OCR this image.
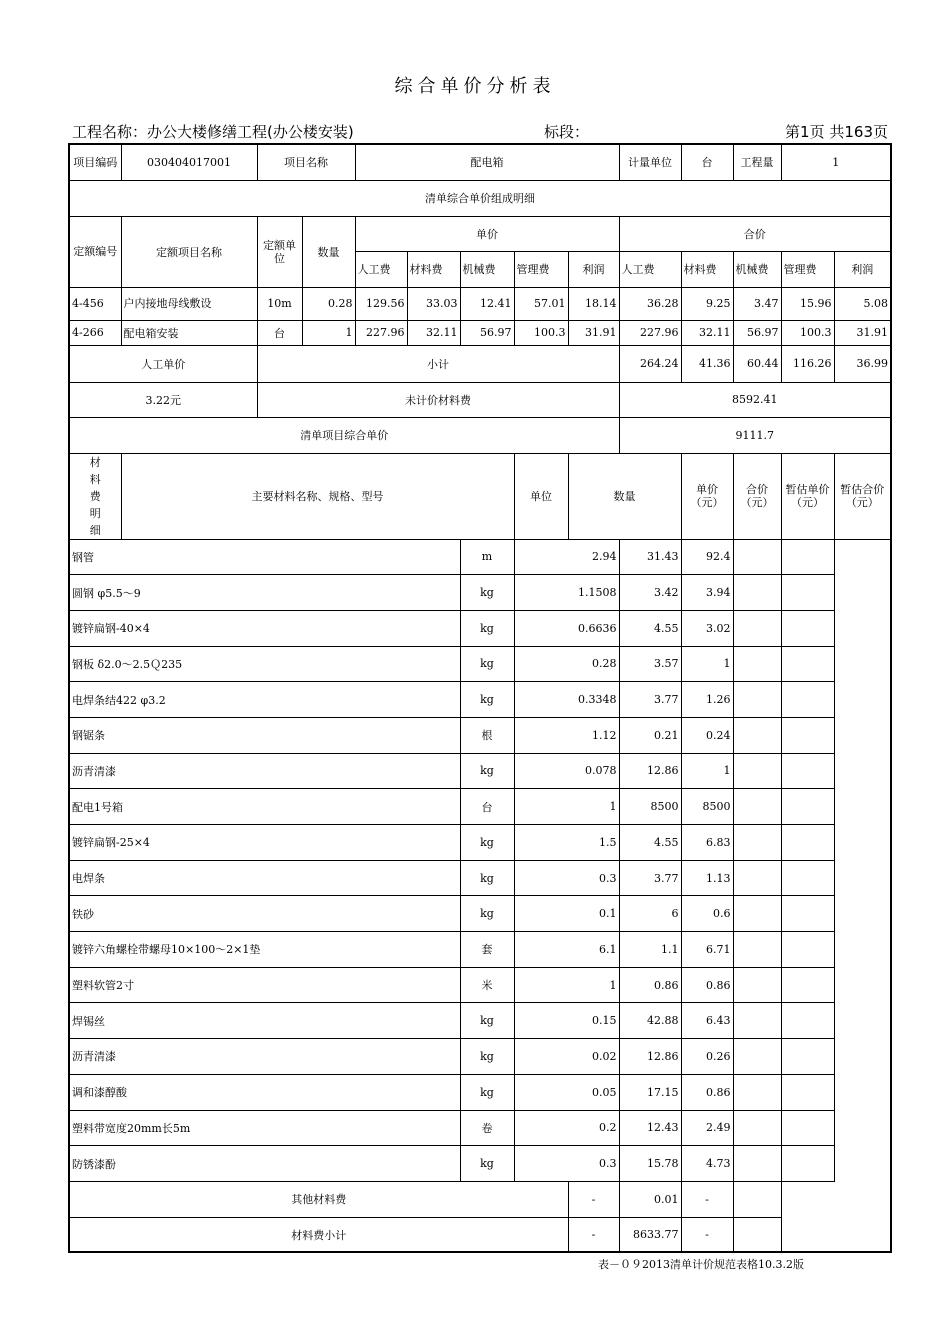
综合单价分析表
工程名称：办公大楼修缮工程(办公楼安装)	标段：	第1页 共163页
项目编码	030404017001	项目名称		配电箱					计量单位	台	工程量	1	
清单综合单价组成明细													
定额编号	定额项目名称	定额单位	数量	单价					合价				
				人工费	材料费	机械费	管理费	利润	人工费	材料费	机械费	管理费	利润
4-456	户内接地母线敷设	10m	0.28	129.56	33.03	12.41	57.01	18.14	36.28	9.25	3.47	15.96	5.08
4-266	配电箱安装	台	1	227.96	32.11	56.97	100.3	31.91	227.96	32.11	56.97	100.3	31.91
人工单价		小计							264.24	41.36	60.44	116.26	36.99
3.22元		未计价材料费							8592.41				
清单项目综合单价									9111.7				
材料费明细	主要材料名称、规格、型号						单位	数量		单价（元）	合价（元）	暂估单价（元）	暂估合价（元）
钢管						m	2.94		31.43	92.4			
圆钢 φ5.5～9						kg	1.1508		3.42	3.94			
镀锌扁钢-40×4						kg	0.6636		4.55	3.02			
钢板 δ2.0～2.5Ｑ235						kg	0.28		3.57	1			
电焊条结422 φ3.2						kg	0.3348		3.77	1.26			
钢锯条						根	1.12		0.21	0.24			
沥青清漆						kg	0.078		12.86	1			
配电1号箱						台	1		8500	8500			
镀锌扁钢-25×4						kg	1.5		4.55	6.83			
电焊条						kg	0.3		3.77	1.13			
铁砂						kg	0.1		6	0.6			
镀锌六角螺栓带螺母10×100～2×1垫						套	6.1		1.1	6.71			
塑料软管2寸						米	1		0.86	0.86			
焊锡丝						kg	0.15		42.88	6.43			
沥青清漆						kg	0.02		12.86	0.26			
调和漆醇酸						kg	0.05		17.15	0.86			
塑料带宽度20mm长5m						卷	0.2		12.43	2.49			
防锈漆酚						kg	0.3		15.78	4.73			
其他材料费								-	0.01	-			
材料费小计								-	8633.77	-			
表－０９2013清单计价规范表格10.3.2版
